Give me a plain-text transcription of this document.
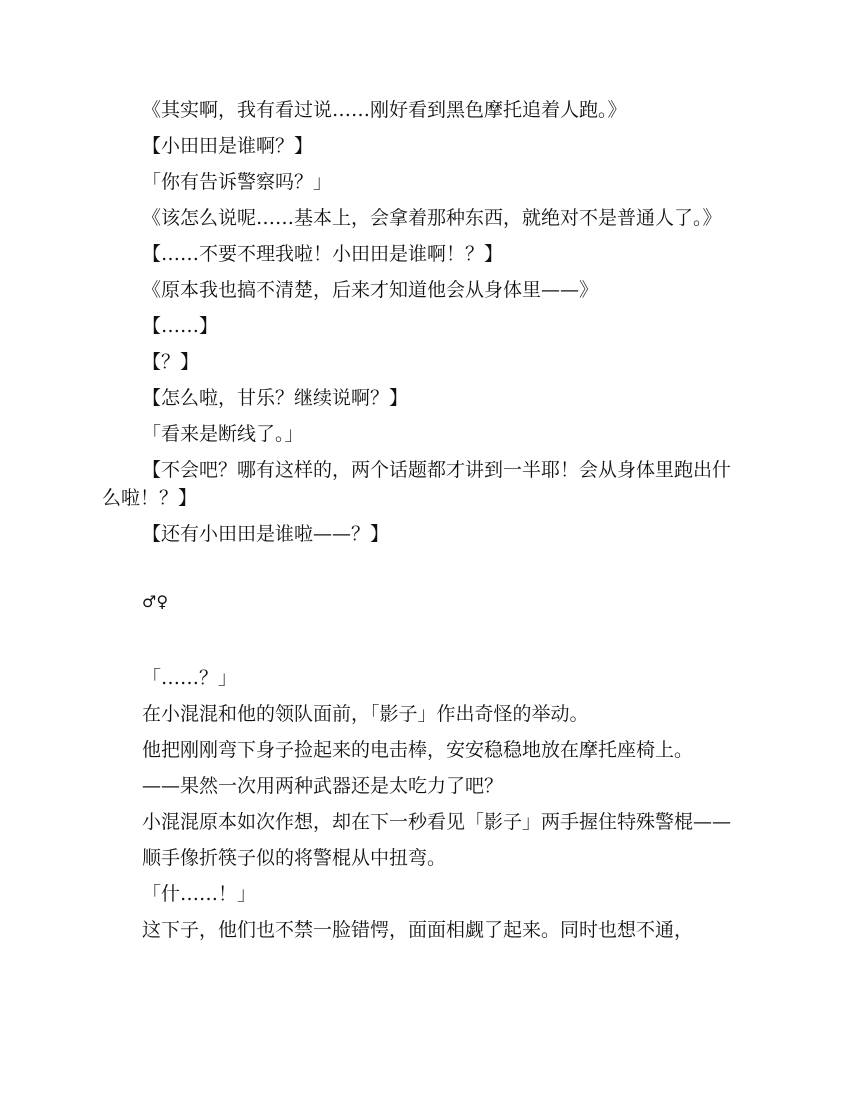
《其实啊，我有看过说……刚好看到黑色摩托追着人跑。》

【小田田是谁啊？】

「你有告诉警察吗？」

《该怎么说呢……基本上，会拿着那种东西，就绝对不是普通人了。》

【……不要不理我啦！小田田是谁啊！？】

《原本我也搞不清楚，后来才知道他会从身体里——》

【……】

【？】

【怎么啦，甘乐？继续说啊？】

「看来是断线了。」

【不会吧？哪有这样的，两个话题都才讲到一半耶！会从身体里跑出什么啦！？】

【还有小田田是谁啦——？】

♂♀

「……？」

在小混混和他的领队面前，「影子」作出奇怪的举动。

他把刚刚弯下身子捡起来的电击棒，安安稳稳地放在摩托座椅上。

——果然一次用两种武器还是太吃力了吧？

小混混原本如次作想，却在下一秒看见「影子」两手握住特殊警棍——

顺手像折筷子似的将警棍从中扭弯。

「什……！」

这下子，他们也不禁一脸错愕，面面相觑了起来。同时也想不通，
